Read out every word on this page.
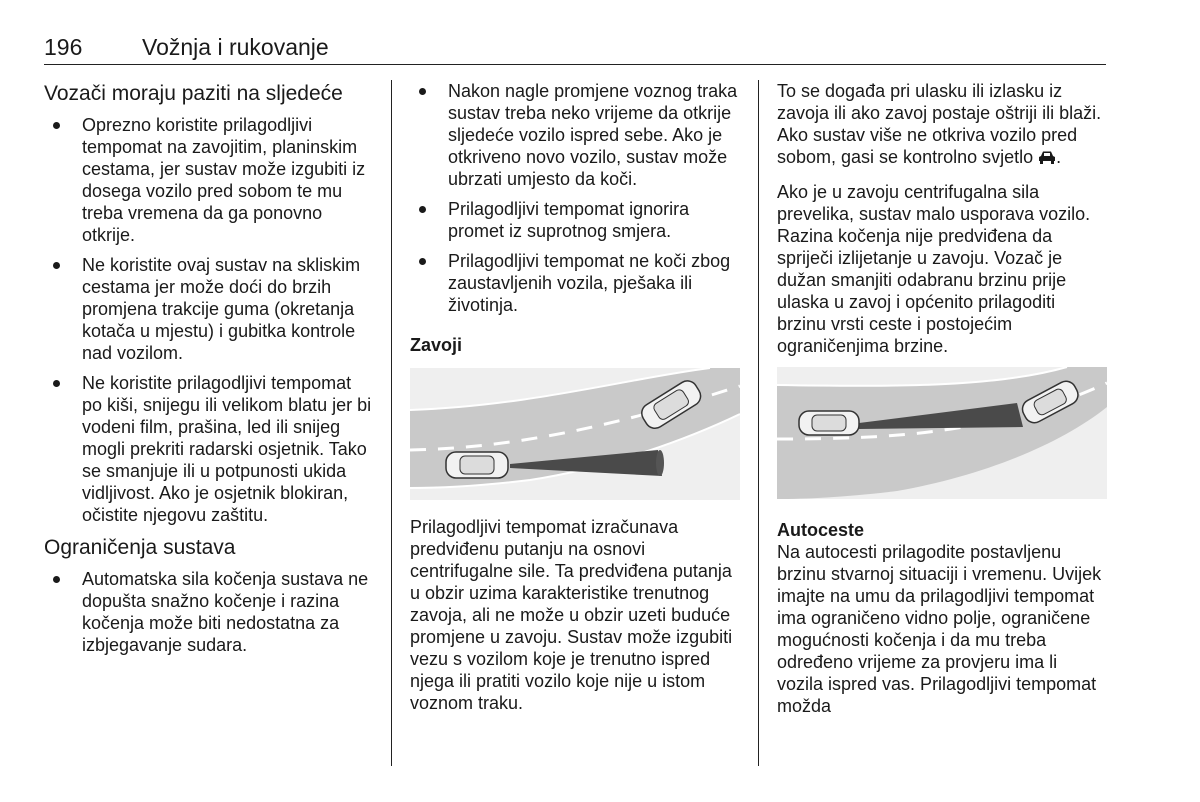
196	Vožnja i rukovanje
Vozači moraju paziti na sljedeće
Oprezno koristite prilagodljivi tempomat na zavojitim, planinskim cestama, jer sustav može izgubiti iz dosega vozilo pred sobom te mu treba vremena da ga ponovno otkrije.
Ne koristite ovaj sustav na skliskim cestama jer može doći do brzih promjena trakcije guma (okretanja kotača u mjestu) i gubitka kontrole nad vozilom.
Ne koristite prilagodljivi tempomat po kiši, snijegu ili velikom blatu jer bi vodeni film, prašina, led ili snijeg mogli prekriti radarski osjetnik. Tako se smanjuje ili u potpunosti ukida vidljivost. Ako je osjetnik blokiran, očistite njegovu zaštitu.
Ograničenja sustava
Automatska sila kočenja sustava ne dopušta snažno kočenje i razina kočenja može biti nedostatna za izbjegavanje sudara.
Nakon nagle promjene voznog traka sustav treba neko vrijeme da otkrije sljedeće vozilo ispred sebe. Ako je otkriveno novo vozilo, sustav može ubrzati umjesto da koči.
Prilagodljivi tempomat ignorira promet iz suprotnog smjera.
Prilagodljivi tempomat ne koči zbog zaustavljenih vozila, pješaka ili životinja.
Zavoji

Prilagodljivi tempomat izračunava predviđenu putanju na osnovi centrifugalne sile. Ta predviđena putanja u obzir uzima karakteristike trenutnog zavoja, ali ne može u obzir uzeti buduće promjene u zavoju. Sustav može izgubiti vezu s vozilom koje je trenutno ispred njega ili pratiti vozilo koje nije u istom voznom traku.

To se događa pri ulasku ili izlasku iz zavoja ili ako zavoj postaje oštriji ili blaži. Ako sustav više ne otkriva vozilo pred sobom, gasi se kontrolno svjetlo .

Ako je u zavoju centrifugalna sila prevelika, sustav malo usporava vozilo. Razina kočenja nije predviđena da spriječi izlijetanje u zavoju. Vozač je dužan smanjiti odabranu brzinu prije ulaska u zavoj i općenito prilagoditi brzinu vrsti ceste i postojećim ograničenjima brzine.

Autoceste

Na autocesti prilagodite postavljenu brzinu stvarnoj situaciji i vremenu. Uvijek imajte na umu da prilagodljivi tempomat ima ograničeno vidno polje, ograničene mogućnosti kočenja i da mu treba određeno vrijeme za provjeru ima li vozila ispred vas. Prilagodljivi tempomat možda
